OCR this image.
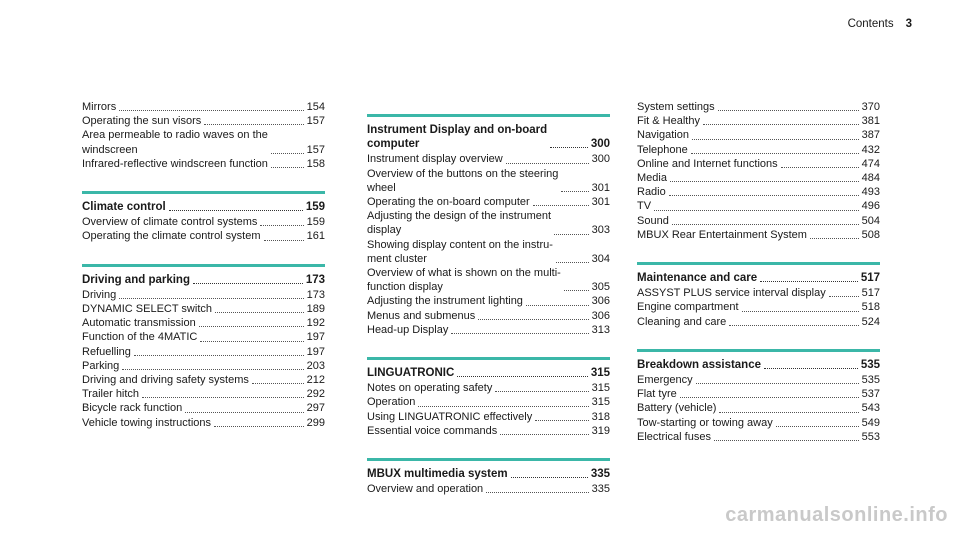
Contents 3
Mirrors	154
Operating the sun visors	157
Area permeable to radio waves on the
windscreen	157
Infrared-reflective windscreen function	158
Climate control	159
Overview of climate control systems	159
Operating the climate control system	161
Driving and parking	173
Driving	173
DYNAMIC SELECT switch	189
Automatic transmission	192
Function of the 4MATIC	197
Refuelling	197
Parking	203
Driving and driving safety systems	212
Trailer hitch	292
Bicycle rack function	297
Vehicle towing instructions	299
Instrument Display and on-board
computer	300
Instrument display overview	300
Overview of the buttons on the steering
wheel	301
Operating the on-board computer	301
Adjusting the design of the instrument
display	303
Showing display content on the instru-
ment cluster	304
Overview of what is shown on the multi-
function display	305
Adjusting the instrument lighting	306
Menus and submenus	306
Head-up Display	313
LINGUATRONIC	315
Notes on operating safety	315
Operation	315
Using LINGUATRONIC effectively	318
Essential voice commands	319
MBUX multimedia system	335
Overview and operation	335
System settings	370
Fit & Healthy	381
Navigation	387
Telephone	432
Online and Internet functions	474
Media	484
Radio	493
TV	496
Sound	504
MBUX Rear Entertainment System	508
Maintenance and care	517
ASSYST PLUS service interval display	517
Engine compartment	518
Cleaning and care	524
Breakdown assistance	535
Emergency	535
Flat tyre	537
Battery (vehicle)	543
Tow-starting or towing away	549
Electrical fuses	553
carmanualsonline.info
